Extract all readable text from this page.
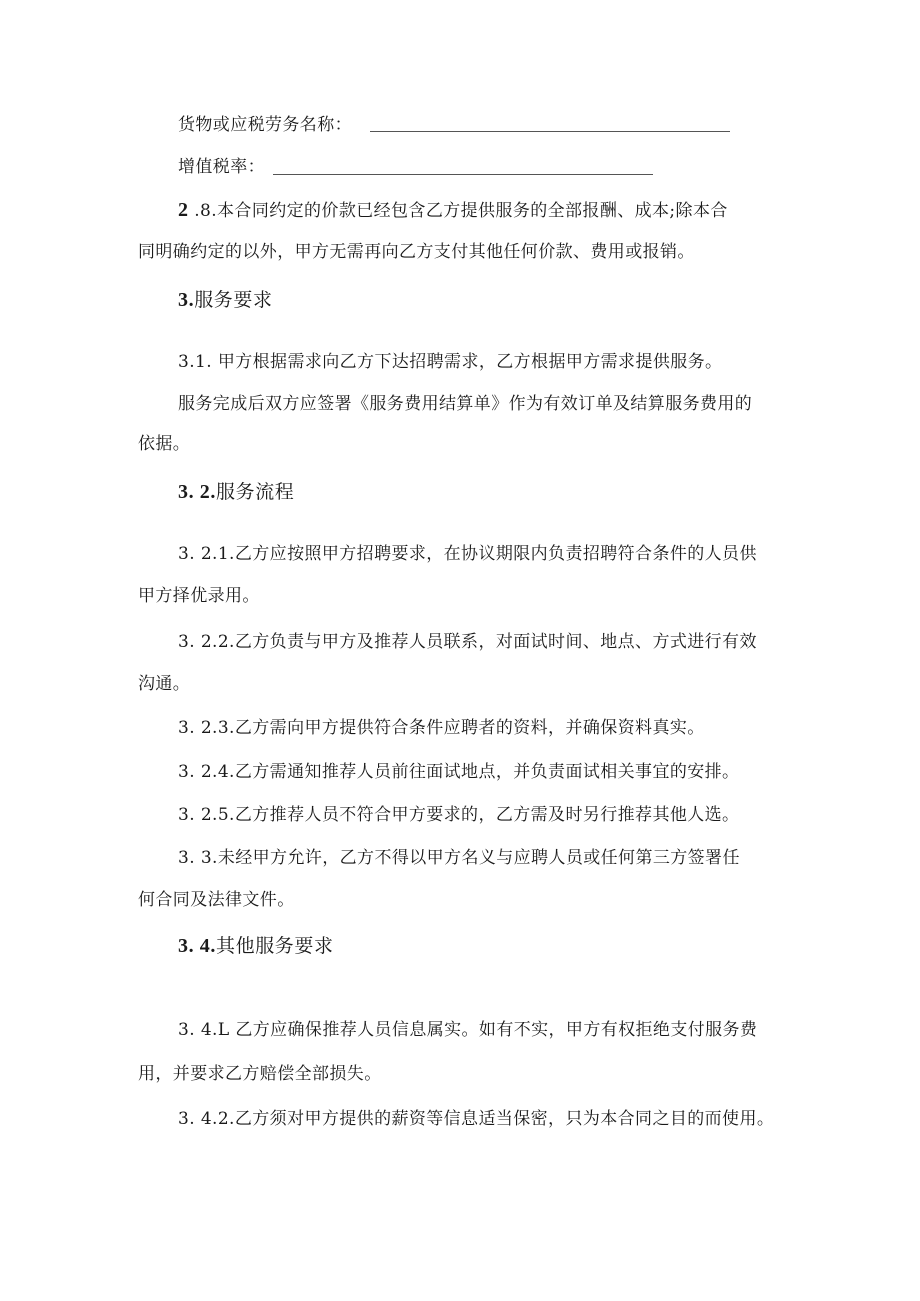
货物或应税劳务名称：
增值税率：
2 .8.本合同约定的价款已经包含乙方提供服务的全部报酬、成本;除本合
同明确约定的以外，甲方无需再向乙方支付其他任何价款、费用或报销。
3.服务要求
3.1. 甲方根据需求向乙方下达招聘需求，乙方根据甲方需求提供服务。
服务完成后双方应签署《服务费用结算单》作为有效订单及结算服务费用的
依据。
3. 2.服务流程
3. 2.1.乙方应按照甲方招聘要求，在协议期限内负责招聘符合条件的人员供
甲方择优录用。
3. 2.2.乙方负责与甲方及推荐人员联系，对面试时间、地点、方式进行有效
沟通。
3. 2.3.乙方需向甲方提供符合条件应聘者的资料，并确保资料真实。
3. 2.4.乙方需通知推荐人员前往面试地点，并负责面试相关事宜的安排。
3. 2.5.乙方推荐人员不符合甲方要求的，乙方需及时另行推荐其他人选。
3. 3.未经甲方允许，乙方不得以甲方名义与应聘人员或任何第三方签署任
何合同及法律文件。
3. 4.其他服务要求
3. 4.L 乙方应确保推荐人员信息属实。如有不实，甲方有权拒绝支付服务费
用，并要求乙方赔偿全部损失。
3. 4.2.乙方须对甲方提供的薪资等信息适当保密，只为本合同之目的而使用。
